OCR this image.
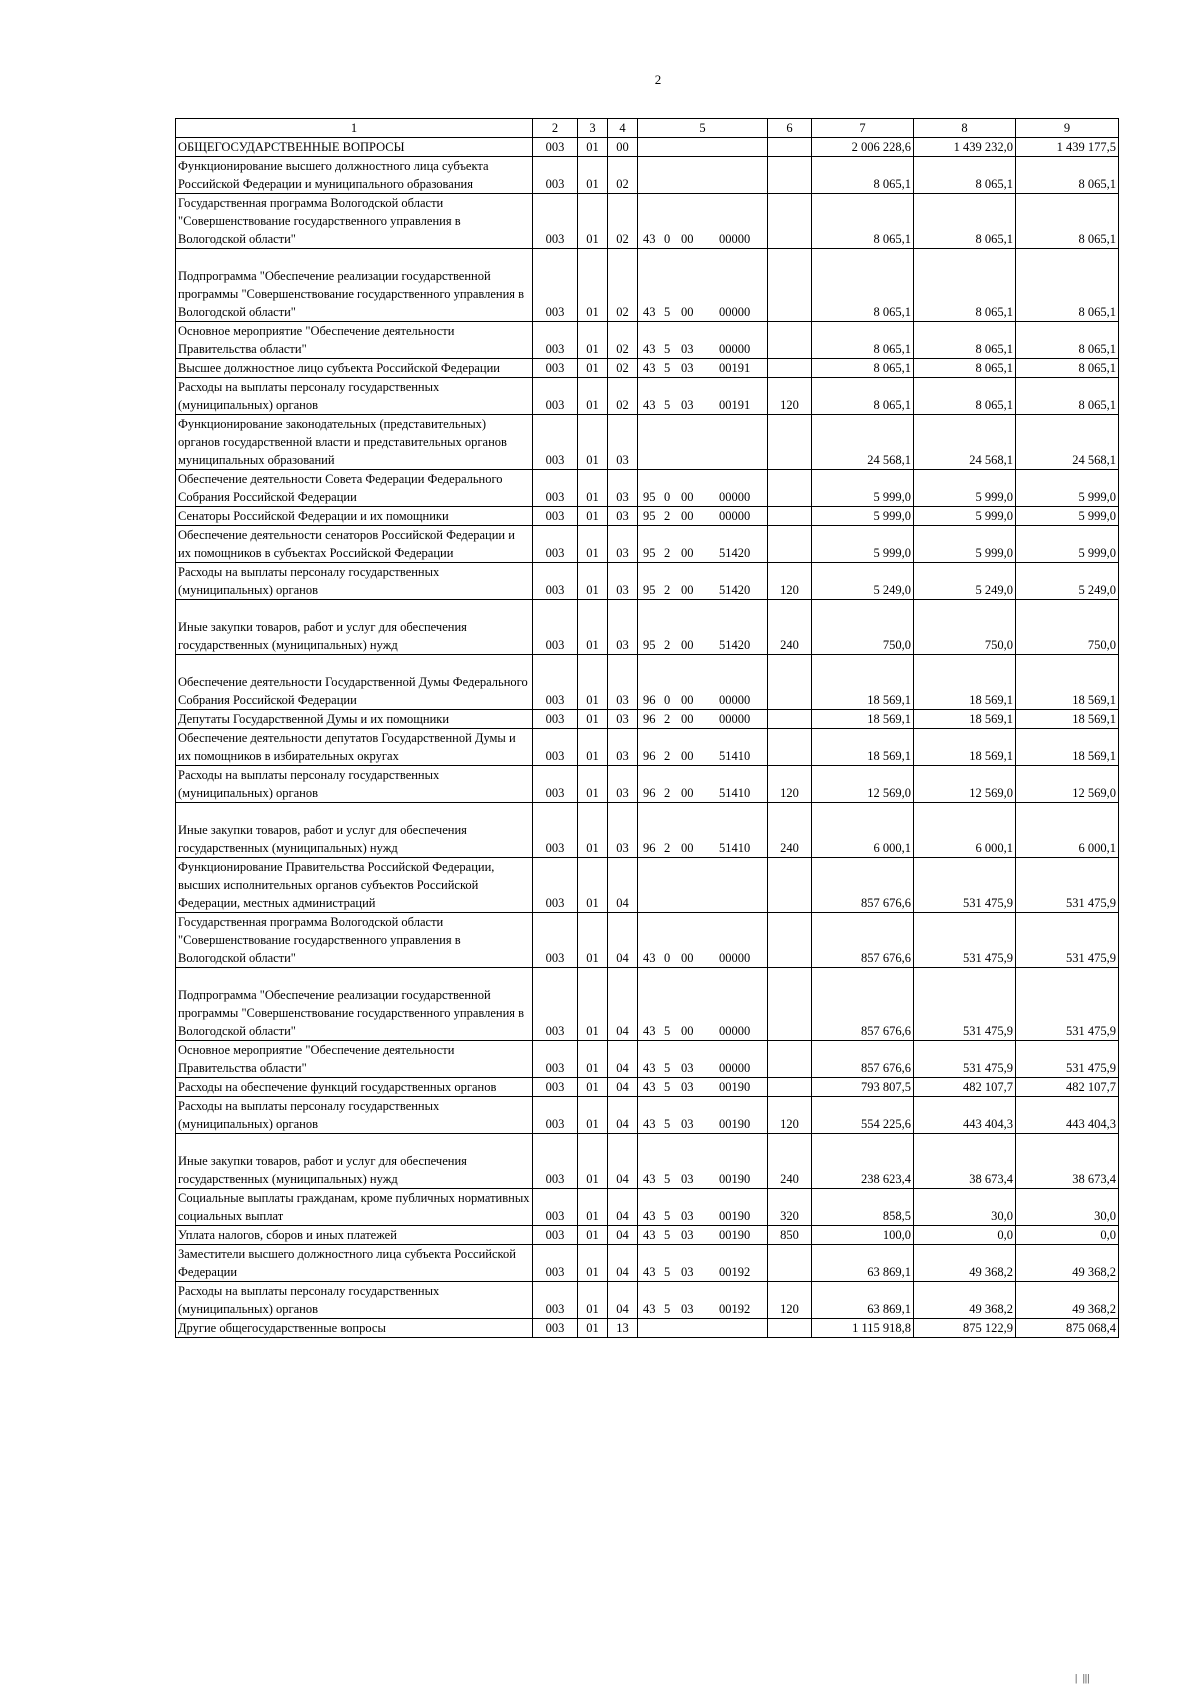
2
1	2	3	4	5	6	7	8	9
ОБЩЕГОСУДАРСТВЕННЫЕ ВОПРОСЫ	003	01	00			2 006 228,6	1 439 232,0	1 439 177,5
Функционирование высшего должностного лица субъекта Российской Федерации и муниципального образования	003	01	02			8 065,1	8 065,1	8 065,1
Государственная программа Вологодской области "Совершенствование государственного управления в Вологодской области"	003	01	02	43 0 00 00000		8 065,1	8 065,1	8 065,1
Подпрограмма "Обеспечение реализации государственной программы "Совершенствование государственного управления в Вологодской области"	003	01	02	43 5 00 00000		8 065,1	8 065,1	8 065,1
Основное мероприятие "Обеспечение деятельности Правительства области"	003	01	02	43 5 03 00000		8 065,1	8 065,1	8 065,1
Высшее должностное лицо субъекта Российской Федерации	003	01	02	43 5 03 00191		8 065,1	8 065,1	8 065,1
Расходы на выплаты персоналу государственных (муниципальных) органов	003	01	02	43 5 03 00191	120	8 065,1	8 065,1	8 065,1
Функционирование законодательных (представительных) органов государственной власти и представительных органов муниципальных образований	003	01	03			24 568,1	24 568,1	24 568,1
Обеспечение деятельности Совета Федерации Федерального Собрания Российской Федерации	003	01	03	95 0 00 00000		5 999,0	5 999,0	5 999,0
Сенаторы Российской Федерации и их помощники	003	01	03	95 2 00 00000		5 999,0	5 999,0	5 999,0
Обеспечение деятельности сенаторов Российской Федерации и их помощников в субъектах Российской Федерации	003	01	03	95 2 00 51420		5 999,0	5 999,0	5 999,0
Расходы на выплаты персоналу государственных (муниципальных) органов	003	01	03	95 2 00 51420	120	5 249,0	5 249,0	5 249,0
Иные закупки товаров, работ и услуг для обеспечения государственных (муниципальных) нужд	003	01	03	95 2 00 51420	240	750,0	750,0	750,0
Обеспечение деятельности Государственной Думы Федерального Собрания Российской Федерации	003	01	03	96 0 00 00000		18 569,1	18 569,1	18 569,1
Депутаты Государственной Думы и их помощники	003	01	03	96 2 00 00000		18 569,1	18 569,1	18 569,1
Обеспечение деятельности депутатов Государственной Думы и их помощников в избирательных округах	003	01	03	96 2 00 51410		18 569,1	18 569,1	18 569,1
Расходы на выплаты персоналу государственных (муниципальных) органов	003	01	03	96 2 00 51410	120	12 569,0	12 569,0	12 569,0
Иные закупки товаров, работ и услуг для обеспечения государственных (муниципальных) нужд	003	01	03	96 2 00 51410	240	6 000,1	6 000,1	6 000,1
Функционирование Правительства Российской Федерации, высших исполнительных органов субъектов Российской Федерации, местных администраций	003	01	04			857 676,6	531 475,9	531 475,9
Государственная программа Вологодской области "Совершенствование государственного управления в Вологодской области"	003	01	04	43 0 00 00000		857 676,6	531 475,9	531 475,9
Подпрограмма "Обеспечение реализации государственной программы "Совершенствование государственного управления в Вологодской области"	003	01	04	43 5 00 00000		857 676,6	531 475,9	531 475,9
Основное мероприятие "Обеспечение деятельности Правительства области"	003	01	04	43 5 03 00000		857 676,6	531 475,9	531 475,9
Расходы на обеспечение функций государственных органов	003	01	04	43 5 03 00190		793 807,5	482 107,7	482 107,7
Расходы на выплаты персоналу государственных (муниципальных) органов	003	01	04	43 5 03 00190	120	554 225,6	443 404,3	443 404,3
Иные закупки товаров, работ и услуг для обеспечения государственных (муниципальных) нужд	003	01	04	43 5 03 00190	240	238 623,4	38 673,4	38 673,4
Социальные выплаты гражданам, кроме публичных нормативных социальных выплат	003	01	04	43 5 03 00190	320	858,5	30,0	30,0
Уплата налогов, сборов и иных платежей	003	01	04	43 5 03 00190	850	100,0	0,0	0,0
Заместители высшего должностного лица субъекта Российской Федерации	003	01	04	43 5 03 00192		63 869,1	49 368,2	49 368,2
Расходы на выплаты персоналу государственных (муниципальных) органов	003	01	04	43 5 03 00192	120	63 869,1	49 368,2	49 368,2
Другие общегосударственные вопросы	003	01	13			1 115 918,8	875 122,9	875 068,4
|  |||
